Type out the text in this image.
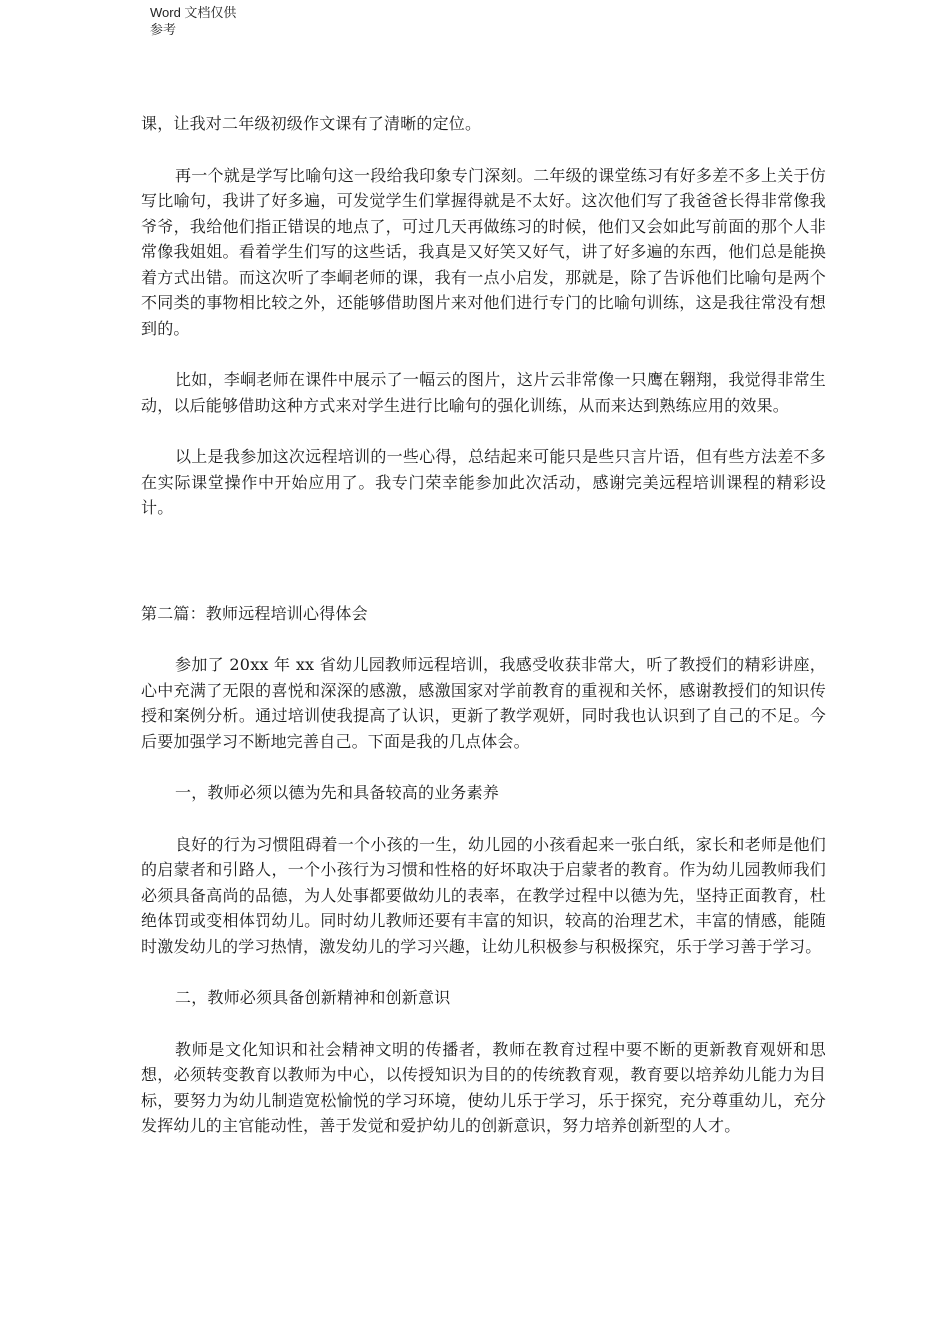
Word 文档仅供参考

课，让我对二年级初级作文课有了清晰的定位。

再一个就是学写比喻句这一段给我印象专门深刻。二年级的课堂练习有好多差不多上关于仿写比喻句，我讲了好多遍，可发觉学生们掌握得就是不太好。这次他们写了我爸爸长得非常像我爷爷，我给他们指正错误的地点了，可过几天再做练习的时候，他们又会如此写前面的那个人非常像我姐姐。看着学生们写的这些话，我真是又好笑又好气，讲了好多遍的东西，他们总是能换着方式出错。而这次听了李峒老师的课，我有一点小启发，那就是，除了告诉他们比喻句是两个不同类的事物相比较之外，还能够借助图片来对他们进行专门的比喻句训练，这是我往常没有想到的。

比如，李峒老师在课件中展示了一幅云的图片，这片云非常像一只鹰在翱翔，我觉得非常生动，以后能够借助这种方式来对学生进行比喻句的强化训练，从而来达到熟练应用的效果。

以上是我参加这次远程培训的一些心得，总结起来可能只是些只言片语，但有些方法差不多在实际课堂操作中开始应用了。我专门荣幸能参加此次活动，感谢完美远程培训课程的精彩设计。

第二篇：教师远程培训心得体会

参加了 20xx 年 xx 省幼儿园教师远程培训，我感受收获非常大，听了教授们的精彩讲座，心中充满了无限的喜悦和深深的感激，感激国家对学前教育的重视和关怀，感谢教授们的知识传授和案例分析。通过培训使我提高了认识，更新了教学观妍，同时我也认识到了自己的不足。今后要加强学习不断地完善自己。下面是我的几点体会。

一，教师必须以德为先和具备较高的业务素养

良好的行为习惯阻碍着一个小孩的一生，幼儿园的小孩看起来一张白纸，家长和老师是他们的启蒙者和引路人，一个小孩行为习惯和性格的好坏取决于启蒙者的教育。作为幼儿园教师我们必须具备高尚的品德，为人处事都要做幼儿的表率，在教学过程中以德为先，坚持正面教育，杜绝体罚或变相体罚幼儿。同时幼儿教师还要有丰富的知识，较高的治理艺术，丰富的情感，能随时激发幼儿的学习热情，激发幼儿的学习兴趣，让幼儿积极参与积极探究，乐于学习善于学习。

二，教师必须具备创新精神和创新意识

教师是文化知识和社会精神文明的传播者，教师在教育过程中要不断的更新教育观妍和思想，必须转变教育以教师为中心，以传授知识为目的的传统教育观，教育要以培养幼儿能力为目标，要努力为幼儿制造宽松愉悦的学习环境，使幼儿乐于学习，乐于探究，充分尊重幼儿，充分发挥幼儿的主官能动性，善于发觉和爱护幼儿的创新意识，努力培养创新型的人才。
